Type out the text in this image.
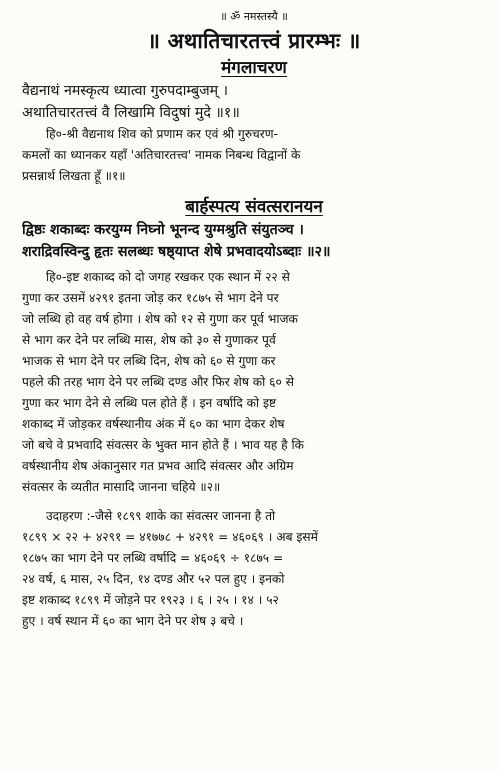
॥ ॐ नमस्तस्यै ॥
॥ अथातिचारतत्त्वं प्रारम्भः ॥
मंगलाचरण
वैद्यनाथं नमस्कृत्य ध्यात्वा गुरुपदाम्बुजम् ।
अथातिचारतत्त्वं वै लिखामि विदुषां मुदे ॥१॥
हि०-श्री वैद्यनाथ शिव को प्रणाम कर एवं श्री गुरुचरण-
कमलों का ध्यानकर यहाँ 'अतिचारतत्त्व' नामक निबन्ध विद्वानों के
प्रसन्नार्थ लिखता हूँ ॥१॥
बार्हस्पत्य संवत्सरानयन
द्विष्ठः शकाब्दः करयुग्म निघ्नो भूनन्द युग्मश्रुति संयुतञ्च ।
शराद्रिवस्विन्दु हृतः सलब्धः षष्ठ्याप्त शेषे प्रभवादयोऽब्दाः ॥२॥
हि०-इष्ट शकाब्द को दो जगह रखकर एक स्थान में २२ से
गुणा कर उसमें ४२९१ इतना जोड़ कर १८७५ से भाग देने पर
जो लब्धि हो वह वर्ष होगा । शेष को १२ से गुणा कर पूर्व भाजक
से भाग कर देने पर लब्धि मास, शेष को ३० से गुणाकर पूर्व
भाजक से भाग देने पर लब्धि दिन, शेष को ६० से गुणा कर
पहले की तरह भाग देने पर लब्धि दण्ड और फिर शेष को ६० से
गुणा कर भाग देने से लब्धि पल होते हैं । इन वर्षादि को इष्ट
शकाब्द में जोड़कर वर्षस्थानीय अंक में ६० का भाग देकर शेष
जो बचे वे प्रभवादि संवत्सर के भुक्त मान होते हैं । भाव यह है कि
वर्षस्थानीय शेष अंकानुसार गत प्रभव आदि संवत्सर और अग्रिम
संवत्सर के व्यतीत मासादि जानना चहिये ॥२॥
उदाहरण :-जैसे १८९९ शाके का संवत्सर जानना है तो
१८९९ × २२ + ४२९१ = ४१७७८ + ४२९१ = ४६०६९ । अब इसमें
१८७५ का भाग देने पर लब्धि वर्षादि = ४६०६९ ÷ १८७५ =
२४ वर्ष, ६ मास, २५ दिन, १४ दण्ड और ५२ पल हुए । इनको
इष्ट शकाब्द १८९९ में जोड़ने पर १९२३ । ६ । २५ । १४ । ५२
हुए । वर्ष स्थान में ६० का भाग देने पर शेष ३ बचे ।
